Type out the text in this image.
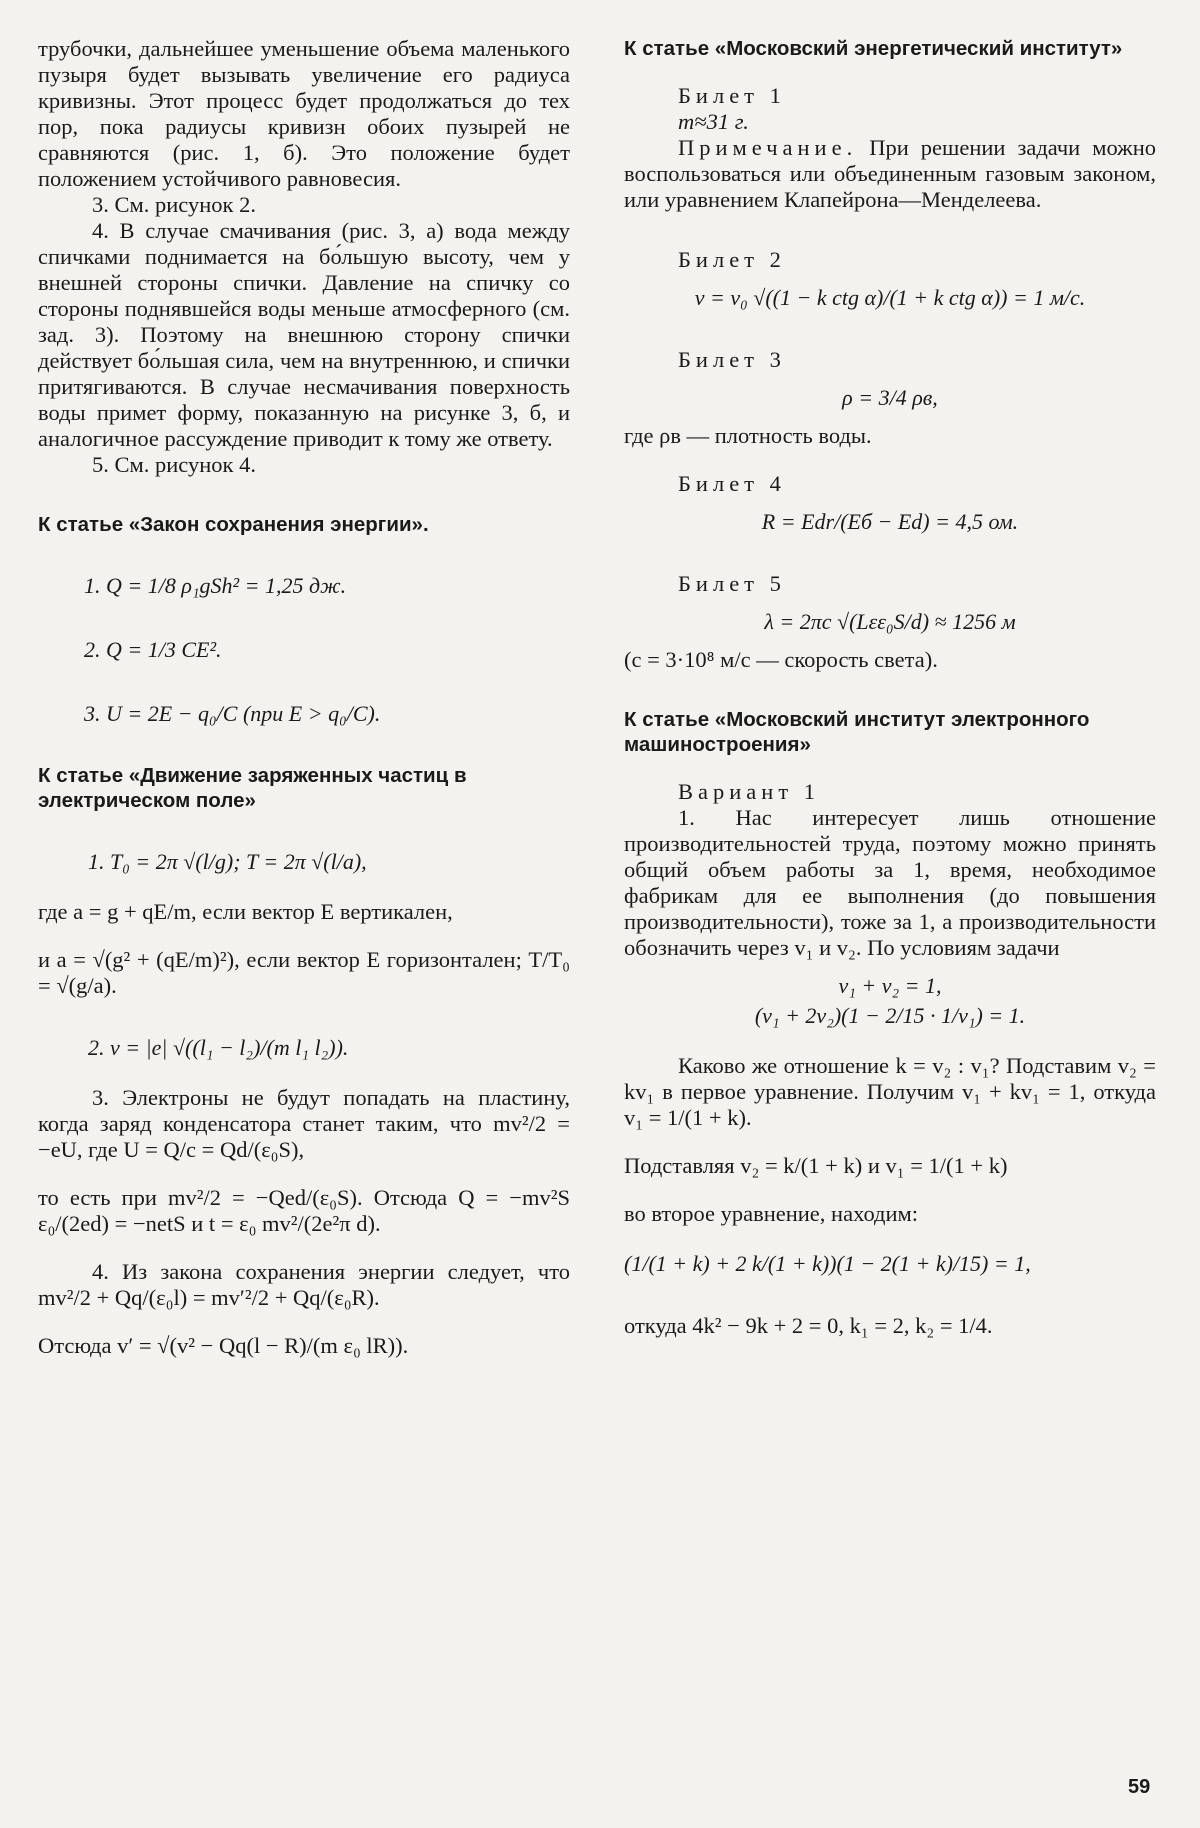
трубочки, дальнейшее уменьшение объема маленького пузыря будет вызывать увеличение его радиуса кривизны. Этот процесс будет продолжаться до тех пор, пока радиусы кривизн обоих пузырей не сравняются (рис. 1, б). Это положение будет положением устойчивого равновесия.

3. См. рисунок 2.

4. В случае смачивания (рис. 3, а) вода между спичками поднимается на бо́льшую высоту, чем у внешней стороны спички. Давление на спичку со стороны поднявшейся воды меньше атмосферного (см. зад. 3). Поэтому на внешнюю сторону спички действует бо́льшая сила, чем на внутреннюю, и спички притягиваются. В случае несмачивания поверхность воды примет форму, показанную на рисунке 3, б, и аналогичное рассуждение приводит к тому же ответу.

5. См. рисунок 4.

К статье «Закон сохранения энергии».
1. Q = 1/8 ρ₁gSh² = 1,25 дж.
2. Q = 1/3 CE².
3. U = 2E − q₀/C (при E > q₀/C).
К статье «Движение заряженных частиц в электрическом поле»
1. T₀ = 2π √(l/g); T = 2π √(l/a),

где a = g + qE/m, если вектор E вертикален,

и a = √(g² + (qE/m)²), если вектор E горизонтален; T/T₀ = √(g/a).

2. v = |e| √((l₁ − l₂)/(m l₁ l₂)).

3. Электроны не будут попадать на пластину, когда заряд конденсатора станет таким, что mv²/2 = −eU, где U = Q/c = Qd/(ε₀S),

то есть при mv²/2 = −Qed/(ε₀S). Отсюда Q = −mv²S ε₀/(2ed) = −netS и t = ε₀ mv²/(2e²π d).

4. Из закона сохранения энергии следует, что mv²/2 + Qq/(ε₀l) = mv′²/2 + Qq/(ε₀R).

Отсюда v′ = √(v² − Qq(l − R)/(m ε₀ lR)).

К статье «Московский энергетический институт»

Билет 1

m≈31 г.

Примечание. При решении задачи можно воспользоваться или объединенным газовым законом, или уравнением Клапейрона—Менделеева.

Билет 2

v = v₀ √((1 − k ctg α)/(1 + k ctg α)) = 1 м/с.

Билет 3

ρ = 3/4 ρв,

где ρв — плотность воды.

Билет 4

R = Edr/(Eб − Ed) = 4,5 ом.

Билет 5

λ = 2πc √(Lεε₀S/d) ≈ 1256 м

(c = 3·10⁸ м/с — скорость света).

К статье «Московский институт электронного машиностроения»

Вариант 1

1. Нас интересует лишь отношение производительностей труда, поэтому можно принять общий объем работы за 1, время, необходимое фабрикам для ее выполнения (до повышения производительности), тоже за 1, а производительности обозначить через v₁ и v₂. По условиям задачи

v₁ + v₂ = 1,
(v₁ + 2v₂)(1 − 2/15 · 1/v₁) = 1.

Каково же отношение k = v₂ : v₁? Подставим v₂ = kv₁ в первое уравнение. Получим v₁ + kv₁ = 1, откуда v₁ = 1/(1 + k).

Подставляя v₂ = k/(1 + k) и v₁ = 1/(1 + k)

во второе уравнение, находим:

(1/(1 + k) + 2 k/(1 + k))(1 − 2(1 + k)/15) = 1,

откуда 4k² − 9k + 2 = 0, k₁ = 2, k₂ = 1/4.

59
